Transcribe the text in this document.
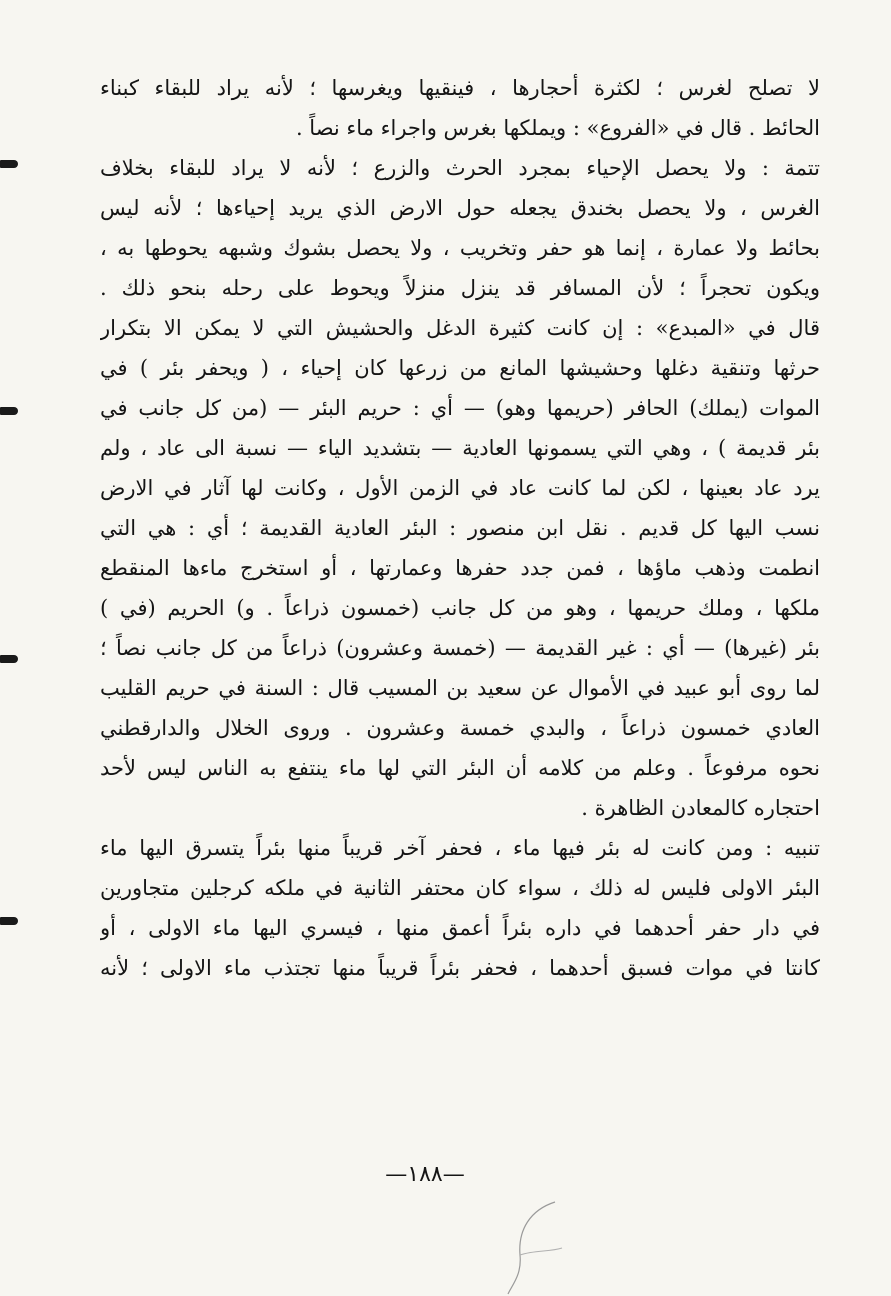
لا تصلح لغرس ؛ لكثرة أحجارها ، فينقيها ويغرسها ؛ لأنه يراد للبقاء كبناء
الحائط . قال في «الفروع» : ويملكها بغرس واجراء ماء نصاً .
تتمة : ولا يحصل الإحياء بمجرد الحرث والزرع ؛ لأنه لا يراد للبقاء بخلاف
الغرس ، ولا يحصل بخندق يجعله حول الارض الذي يريد إحياءها ؛ لأنه ليس
بحائط ولا عمارة ، إنما هو حفر وتخريب ، ولا يحصل بشوك وشبهه يحوطها به ،
ويكون تحجراً ؛ لأن المسافر قد ينزل منزلاً ويحوط على رحله بنحو ذلك .
قال في «المبدع» : إن كانت كثيرة الدغل والحشيش التي لا يمكن الا بتكرار
حرثها وتنقية دغلها وحشيشها المانع من زرعها كان إحياء ، ( ويحفر بئر ) في
الموات (يملك) الحافر (حريمها وهو) — أي : حريم البئر — (من كل جانب في
بئر قديمة ) ، وهي التي يسمونها العادية — بتشديد الياء — نسبة الى عاد ، ولم
يرد عاد بعينها ، لكن لما كانت عاد في الزمن الأول ، وكانت لها آثار في الارض
نسب اليها كل قديم . نقل ابن منصور : البئر العادية القديمة ؛ أي : هي التي
انطمت وذهب ماؤها ، فمن جدد حفرها وعمارتها ، أو استخرج ماءها المنقطع
ملكها ، وملك حريمها ، وهو من كل جانب (خمسون ذراعاً . و) الحريم (في )
بئر (غيرها) — أي : غير القديمة — (خمسة وعشرون) ذراعاً من كل جانب نصاً ؛
لما روى أبو عبيد في الأموال عن سعيد بن المسيب قال : السنة في حريم القليب
العادي خمسون ذراعاً ، والبدي خمسة وعشرون . وروى الخلال والدارقطني
نحوه مرفوعاً . وعلم من كلامه أن البئر التي لها ماء ينتفع به الناس ليس لأحد
احتجاره كالمعادن الظاهرة .
تنبيه : ومن كانت له بئر فيها ماء ، فحفر آخر قريباً منها بئراً يتسرق اليها ماء
البئر الاولى فليس له ذلك ، سواء كان محتفر الثانية في ملكه كرجلين متجاورين
في دار حفر أحدهما في داره بئراً أعمق منها ، فيسري اليها ماء الاولى ، أو
كانتا في موات فسبق أحدهما ، فحفر بئراً قريباً منها تجتذب ماء الاولى ؛ لأنه
—١٨٨—
